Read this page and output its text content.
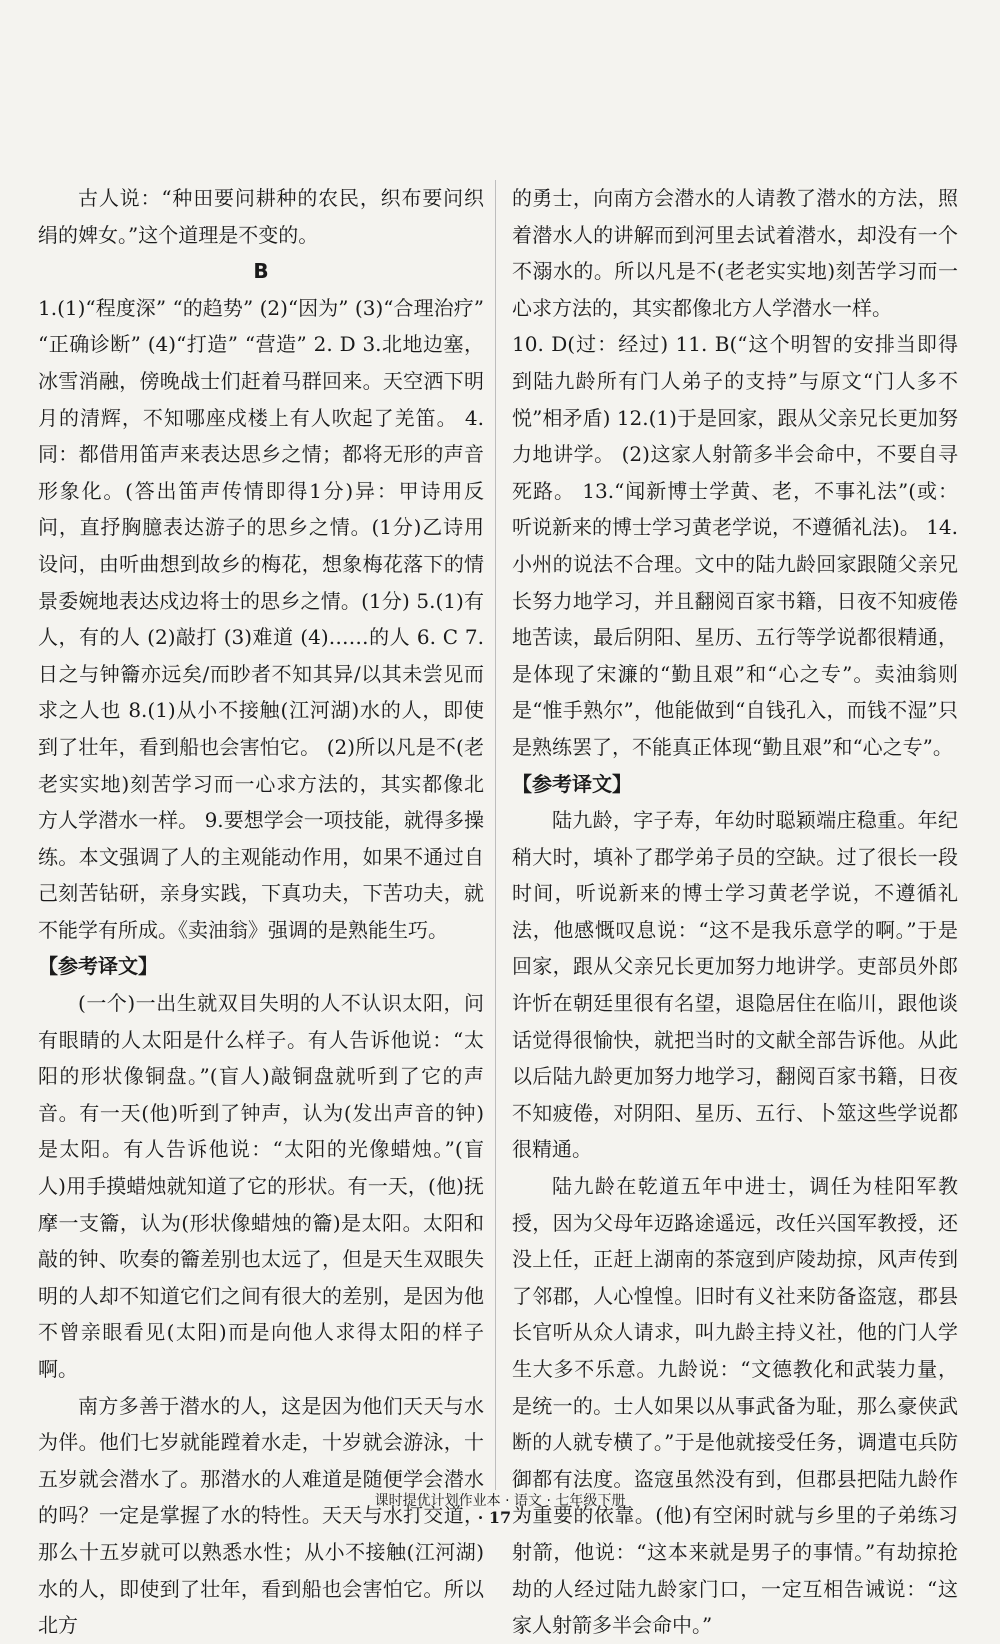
古人说：“种田要问耕种的农民，织布要问织绢的婢女。”这个道理是不变的。

B

1.(1)“程度深” “的趋势” (2)“因为” (3)“合理治疗” “正确诊断” (4)“打造” “营造” 2. D 3.北地边塞，冰雪消融，傍晚战士们赶着马群回来。天空洒下明月的清辉，不知哪座戍楼上有人吹起了羌笛。 4.同：都借用笛声来表达思乡之情；都将无形的声音形象化。(答出笛声传情即得1分)异：甲诗用反问，直抒胸臆表达游子的思乡之情。(1分)乙诗用设问，由听曲想到故乡的梅花，想象梅花落下的情景委婉地表达戍边将士的思乡之情。(1分) 5.(1)有人，有的人 (2)敲打 (3)难道 (4)……的人 6. C 7. 日之与钟籥亦远矣/而眇者不知其异/以其未尝见而求之人也 8.(1)从小不接触(江河湖)水的人，即使到了壮年，看到船也会害怕它。 (2)所以凡是不(老老实实地)刻苦学习而一心求方法的，其实都像北方人学潜水一样。 9.要想学会一项技能，就得多操练。本文强调了人的主观能动作用，如果不通过自己刻苦钻研，亲身实践，下真功夫，下苦功夫，就不能学有所成。《卖油翁》强调的是熟能生巧。

【参考译文】

(一个)一出生就双目失明的人不认识太阳，问有眼睛的人太阳是什么样子。有人告诉他说：“太阳的形状像铜盘。”(盲人)敲铜盘就听到了它的声音。有一天(他)听到了钟声，认为(发出声音的钟)是太阳。有人告诉他说：“太阳的光像蜡烛。”(盲人)用手摸蜡烛就知道了它的形状。有一天，(他)抚摩一支籥，认为(形状像蜡烛的籥)是太阳。太阳和敲的钟、吹奏的籥差别也太远了，但是天生双眼失明的人却不知道它们之间有很大的差别，是因为他不曾亲眼看见(太阳)而是向他人求得太阳的样子啊。

南方多善于潜水的人，这是因为他们天天与水为伴。他们七岁就能蹚着水走，十岁就会游泳，十五岁就会潜水了。那潜水的人难道是随便学会潜水的吗？一定是掌握了水的特性。天天与水打交道，那么十五岁就可以熟悉水性；从小不接触(江河湖)水的人，即使到了壮年，看到船也会害怕它。所以北方

的勇士，向南方会潜水的人请教了潜水的方法，照着潜水人的讲解而到河里去试着潜水，却没有一个不溺水的。所以凡是不(老老实实地)刻苦学习而一心求方法的，其实都像北方人学潜水一样。

10. D(过：经过) 11. B(“这个明智的安排当即得到陆九龄所有门人弟子的支持”与原文“门人多不悦”相矛盾) 12.(1)于是回家，跟从父亲兄长更加努力地讲学。 (2)这家人射箭多半会命中，不要自寻死路。 13.“闻新博士学黄、老，不事礼法”(或：听说新来的博士学习黄老学说，不遵循礼法)。 14.小州的说法不合理。文中的陆九龄回家跟随父亲兄长努力地学习，并且翻阅百家书籍，日夜不知疲倦地苦读，最后阴阳、星历、五行等学说都很精通，是体现了宋濂的“勤且艰”和“心之专”。卖油翁则是“惟手熟尔”，他能做到“自钱孔入，而钱不湿”只是熟练罢了，不能真正体现“勤且艰”和“心之专”。

【参考译文】

陆九龄，字子寿，年幼时聪颖端庄稳重。年纪稍大时，填补了郡学弟子员的空缺。过了很长一段时间，听说新来的博士学习黄老学说，不遵循礼法，他感慨叹息说：“这不是我乐意学的啊。”于是回家，跟从父亲兄长更加努力地讲学。吏部员外郎许忻在朝廷里很有名望，退隐居住在临川，跟他谈话觉得很愉快，就把当时的文献全部告诉他。从此以后陆九龄更加努力地学习，翻阅百家书籍，日夜不知疲倦，对阴阳、星历、五行、卜筮这些学说都很精通。

陆九龄在乾道五年中进士，调任为桂阳军教授，因为父母年迈路途遥远，改任兴国军教授，还没上任，正赶上湖南的茶寇到庐陵劫掠，风声传到了邻郡，人心惶惶。旧时有义社来防备盗寇，郡县长官听从众人请求，叫九龄主持义社，他的门人学生大多不乐意。九龄说：“文德教化和武装力量，是统一的。士人如果以从事武备为耻，那么豪侠武断的人就专横了。”于是他就接受任务，调遣屯兵防御都有法度。盗寇虽然没有到，但郡县把陆九龄作为重要的依靠。(他)有空闲时就与乡里的子弟练习射箭，他说：“这本来就是男子的事情。”有劫掠抢劫的人经过陆九龄家门口，一定互相告诫说：“这家人射箭多半会命中。”

课时提优计划作业本 · 语文 · 七年级下册
· 17 ·
